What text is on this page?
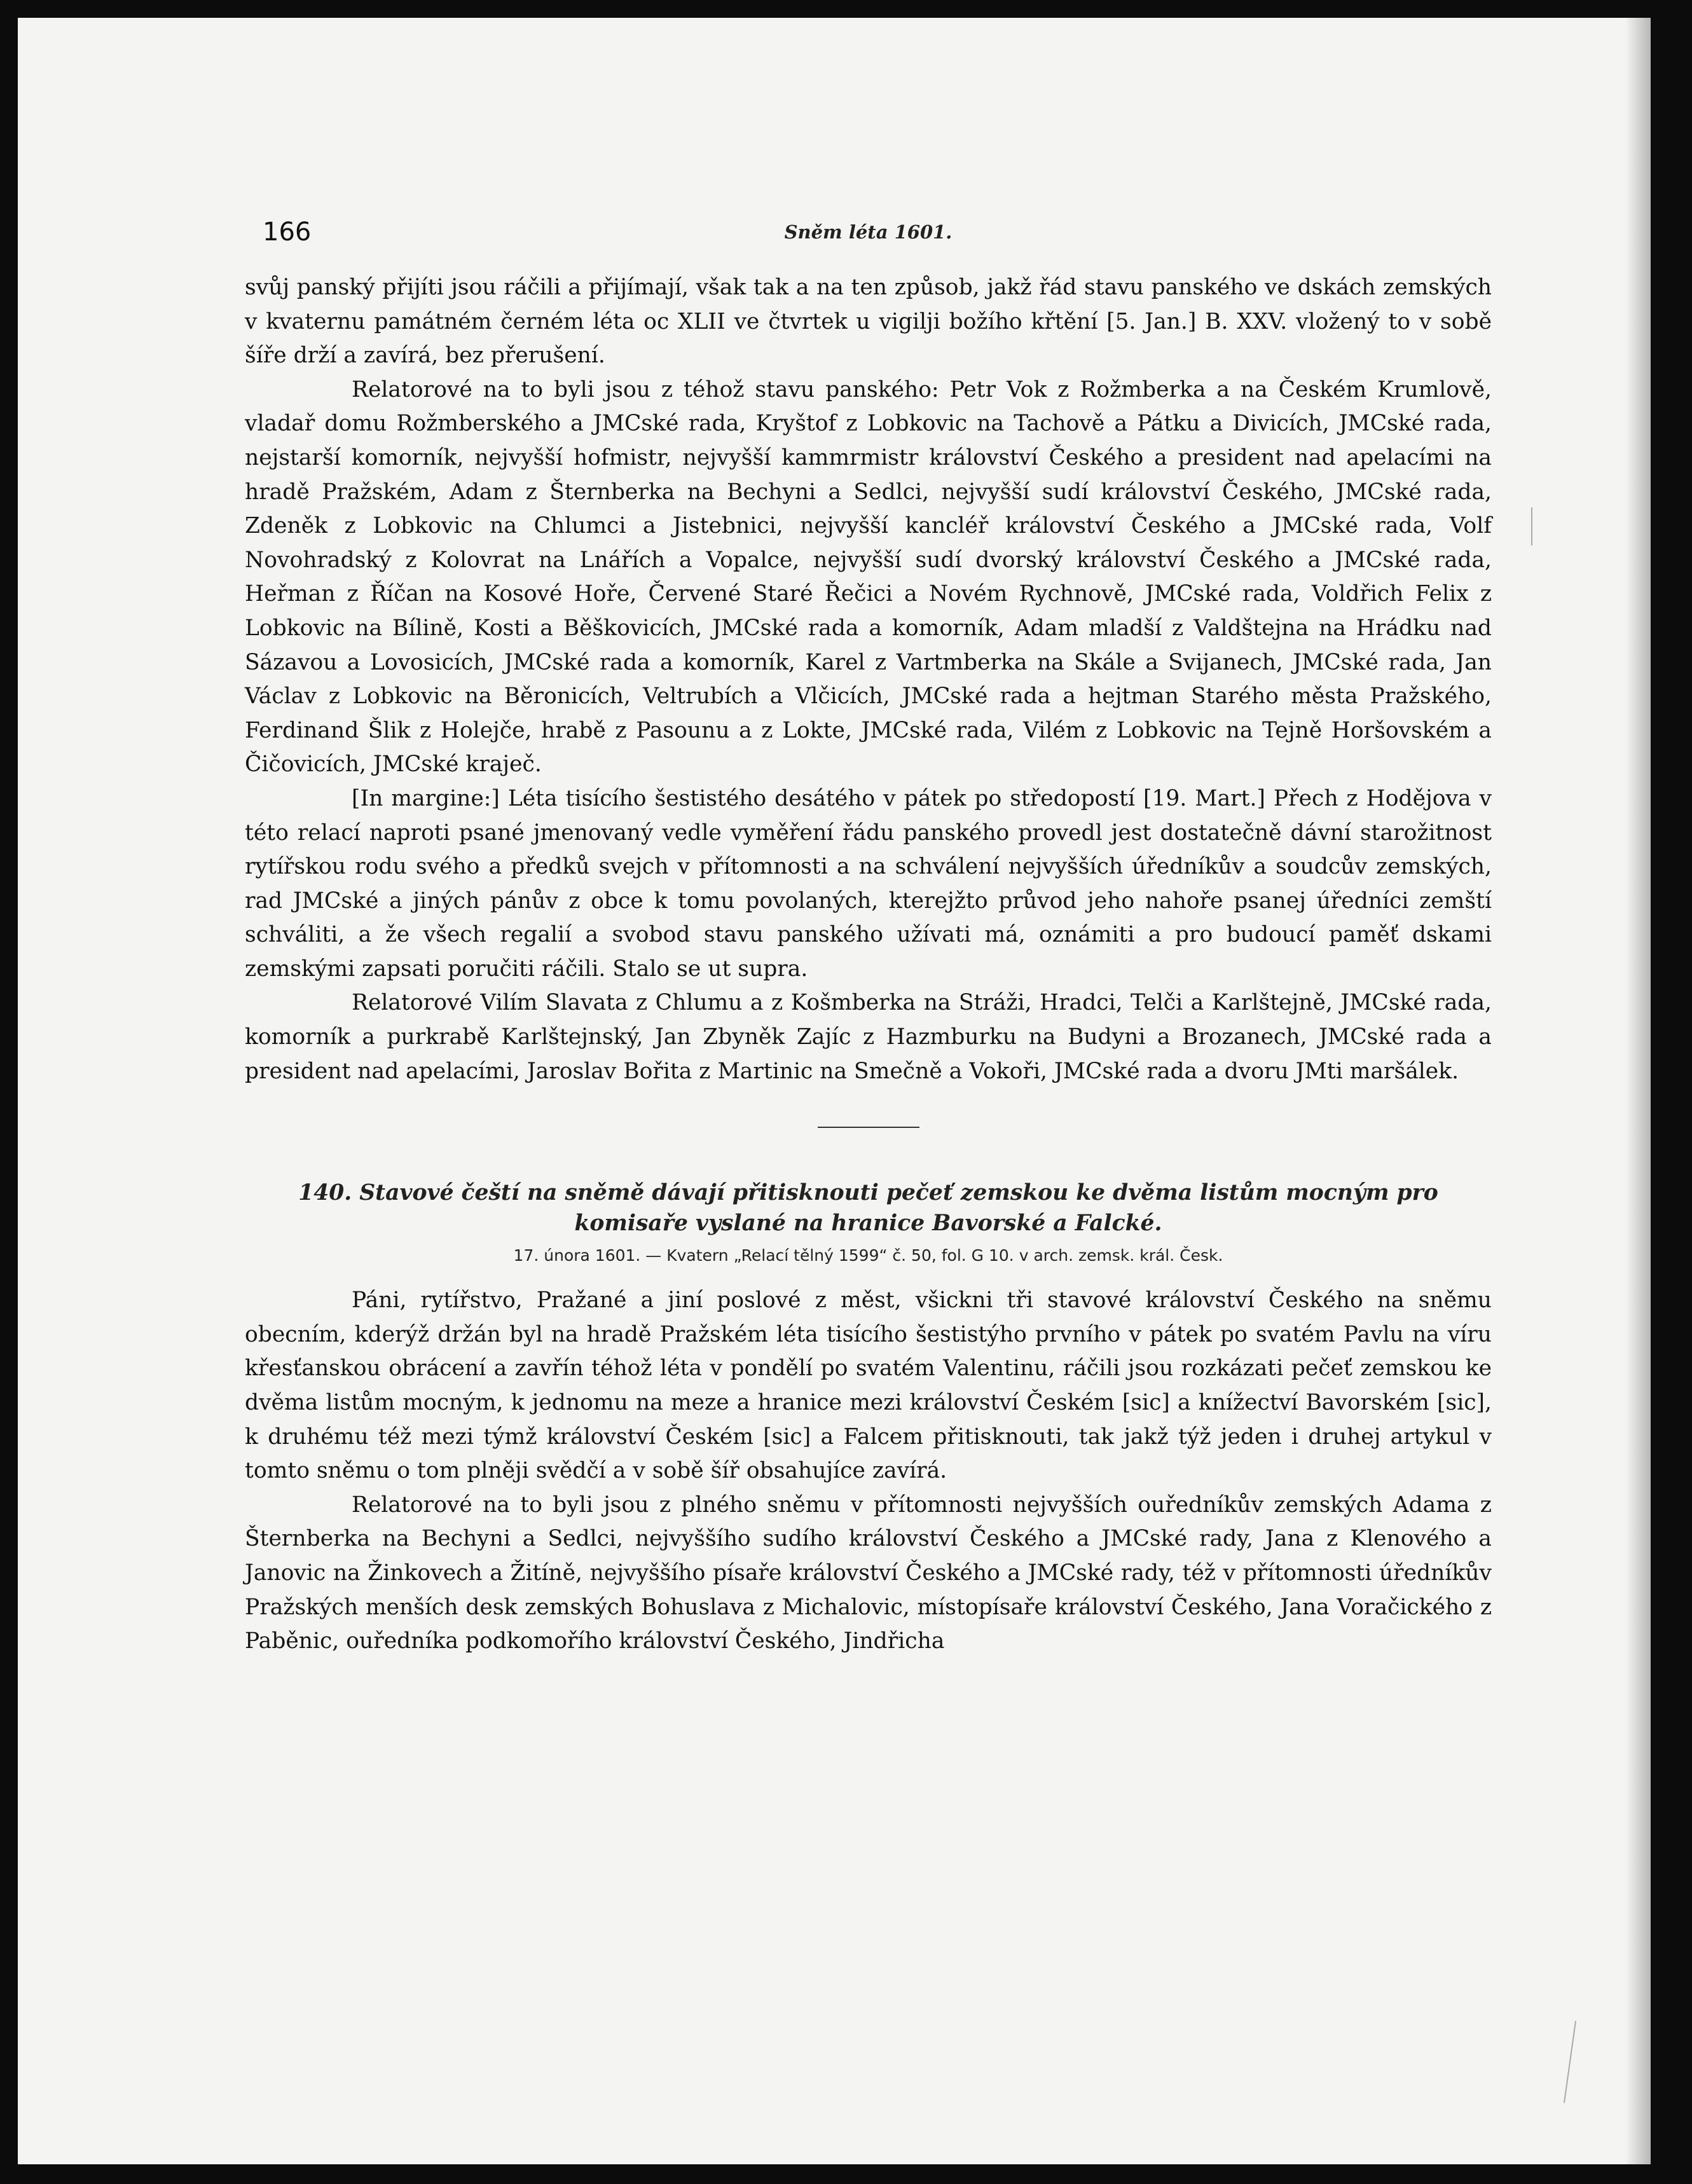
166	Sněm léta 1601.

svůj panský přijíti jsou ráčili a přijímají, však tak a na ten způsob, jakž řád stavu panského ve dskách zemských v kvaternu památném černém léta oc XLII ve čtvrtek u vigilji božího křtění [5. Jan.] B. XXV. vložený to v sobě šíře drží a zavírá, bez přerušení.

Relatorové na to byli jsou z téhož stavu panského: Petr Vok z Rožmberka a na Českém Krumlově, vladař domu Rožmberského a JMCské rada, Kryštof z Lobkovic na Tachově a Pátku a Divicích, JMCské rada, nejstarší komorník, nejvyšší hofmistr, nejvyšší kammrmistr království Českého a president nad apelacími na hradě Pražském, Adam z Šternberka na Bechyni a Sedlci, nejvyšší sudí království Českého, JMCské rada, Zdeněk z Lobkovic na Chlumci a Jistebnici, nejvyšší kancléř království Českého a JMCské rada, Volf Novohradský z Kolovrat na Lnářích a Vopalce, nejvyšší sudí dvorský království Českého a JMCské rada, Heřman z Říčan na Kosové Hoře, Červené Staré Řečici a Novém Rychnově, JMCské rada, Voldřich Felix z Lobkovic na Bílině, Kosti a Běškovicích, JMCské rada a komorník, Adam mladší z Valdštejna na Hrádku nad Sázavou a Lovosicích, JMCské rada a komorník, Karel z Vartmberka na Skále a Svijanech, JMCské rada, Jan Václav z Lobkovic na Běronicích, Veltrubích a Vlčicích, JMCské rada a hejtman Starého města Pražského, Ferdinand Šlik z Holejče, hrabě z Pasounu a z Lokte, JMCské rada, Vilém z Lobkovic na Tejně Horšovském a Čičovicích, JMCské kraječ.

[In margine:] Léta tisícího šestistého desátého v pátek po středopostí [19. Mart.] Přech z Hodějova v této relací naproti psané jmenovaný vedle vyměření řádu panského provedl jest dostatečně dávní starožitnost rytířskou rodu svého a předků svejch v přítomnosti a na schválení nejvyšších úředníkův a soudcův zemských, rad JMCské a jiných pánův z obce k tomu povolaných, kterejžto průvod jeho nahoře psanej úředníci zemští schváliti, a že všech regalií a svobod stavu panského užívati má, oznámiti a pro budoucí paměť dskami zemskými zapsati poručiti ráčili. Stalo se ut supra.

Relatorové Vilím Slavata z Chlumu a z Košmberka na Stráži, Hradci, Telči a Karlštejně, JMCské rada, komorník a purkrabě Karlštejnský, Jan Zbyněk Zajíc z Hazmburku na Budyni a Brozanech, JMCské rada a president nad apelacími, Jaroslav Bořita z Martinic na Smečně a Vokoři, JMCské rada a dvoru JMti maršálek.

140. Stavové čeští na sněmě dávají přitisknouti pečeť zemskou ke dvěma listům mocným pro komisaře vyslané na hranice Bavorské a Falcké.

17. února 1601. — Kvatern „Relací tělný 1599“ č. 50, fol. G 10. v arch. zemsk. král. Česk.

Páni, rytířstvo, Pražané a jiní poslové z měst, všickni tři stavové království Českého na sněmu obecním, kderýž držán byl na hradě Pražském léta tisícího šestistýho prvního v pátek po svatém Pavlu na víru křesťanskou obrácení a zavřín téhož léta v pondělí po svatém Valentinu, ráčili jsou rozkázati pečeť zemskou ke dvěma listům mocným, k jednomu na meze a hranice mezi království Českém [sic] a knížectví Bavorském [sic], k druhému též mezi týmž království Českém [sic] a Falcem přitisknouti, tak jakž týž jeden i druhej artykul v tomto sněmu o tom plněji svědčí a v sobě šíř obsahujíce zavírá.

Relatorové na to byli jsou z plného sněmu v přítomnosti nejvyšších ouředníkův zemských Adama z Šternberka na Bechyni a Sedlci, nejvyššího sudího království Českého a JMCské rady, Jana z Klenového a Janovic na Žinkovech a Žitíně, nejvyššího písaře království Českého a JMCské rady, též v přítomnosti úředníkův Pražských menších desk zemských Bohuslava z Michalovic, místopísaře království Českého, Jana Voračického z Paběnic, ouředníka podkomořího království Českého, Jindřicha
